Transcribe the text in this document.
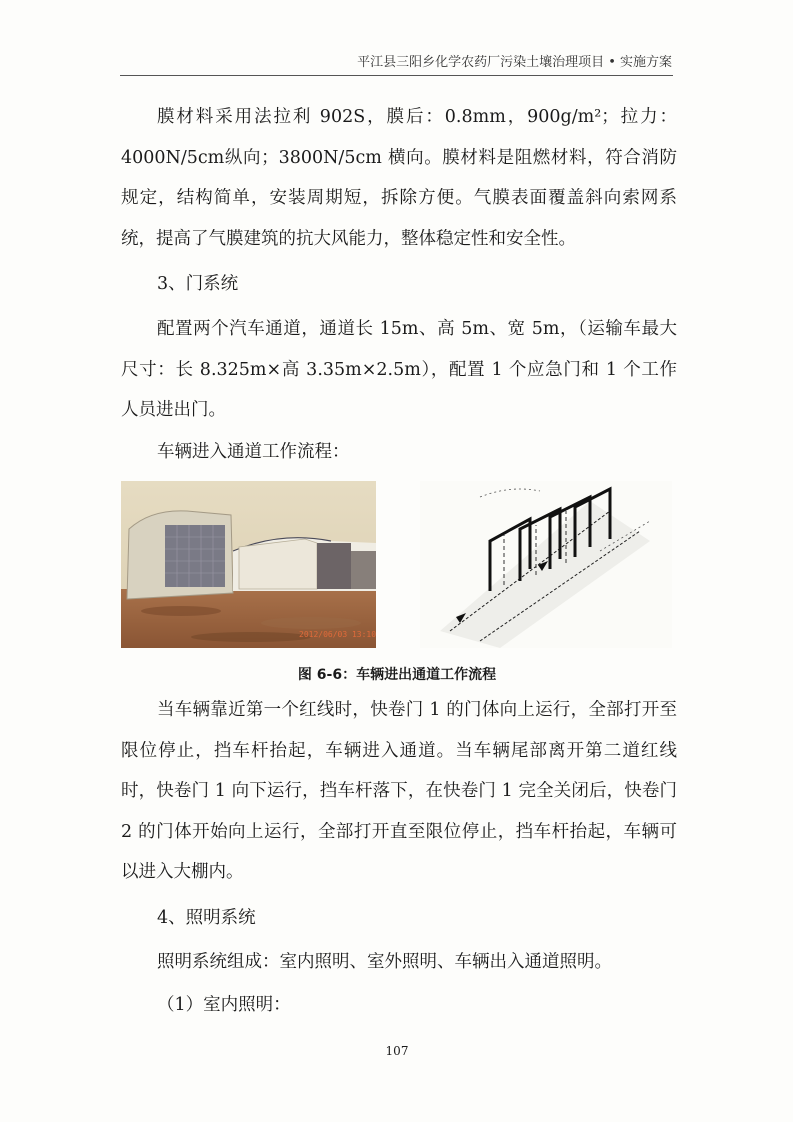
平江县三阳乡化学农药厂污染土壤治理项目 • 实施方案

膜材料采用法拉利 902S，膜后：0.8mm，900g/m²；拉力：4000N/5cm纵向；3800N/5cm 横向。膜材料是阻燃材料，符合消防规定，结构简单，安装周期短，拆除方便。气膜表面覆盖斜向索网系统，提高了气膜建筑的抗大风能力，整体稳定性和安全性。

3、门系统

配置两个汽车通道，通道长 15m、高 5m、宽 5m，（运输车最大尺寸：长 8.325m×高 3.35m×2.5m），配置 1 个应急门和 1 个工作人员进出门。

车辆进入通道工作流程：

2012/06/03 13:10
图 6-6：车辆进出通道工作流程

当车辆靠近第一个红线时，快卷门 1 的门体向上运行，全部打开至限位停止，挡车杆抬起，车辆进入通道。当车辆尾部离开第二道红线时，快卷门 1 向下运行，挡车杆落下，在快卷门 1 完全关闭后，快卷门 2 的门体开始向上运行，全部打开直至限位停止，挡车杆抬起，车辆可以进入大棚内。

4、照明系统

照明系统组成：室内照明、室外照明、车辆出入通道照明。

（1）室内照明：

107
